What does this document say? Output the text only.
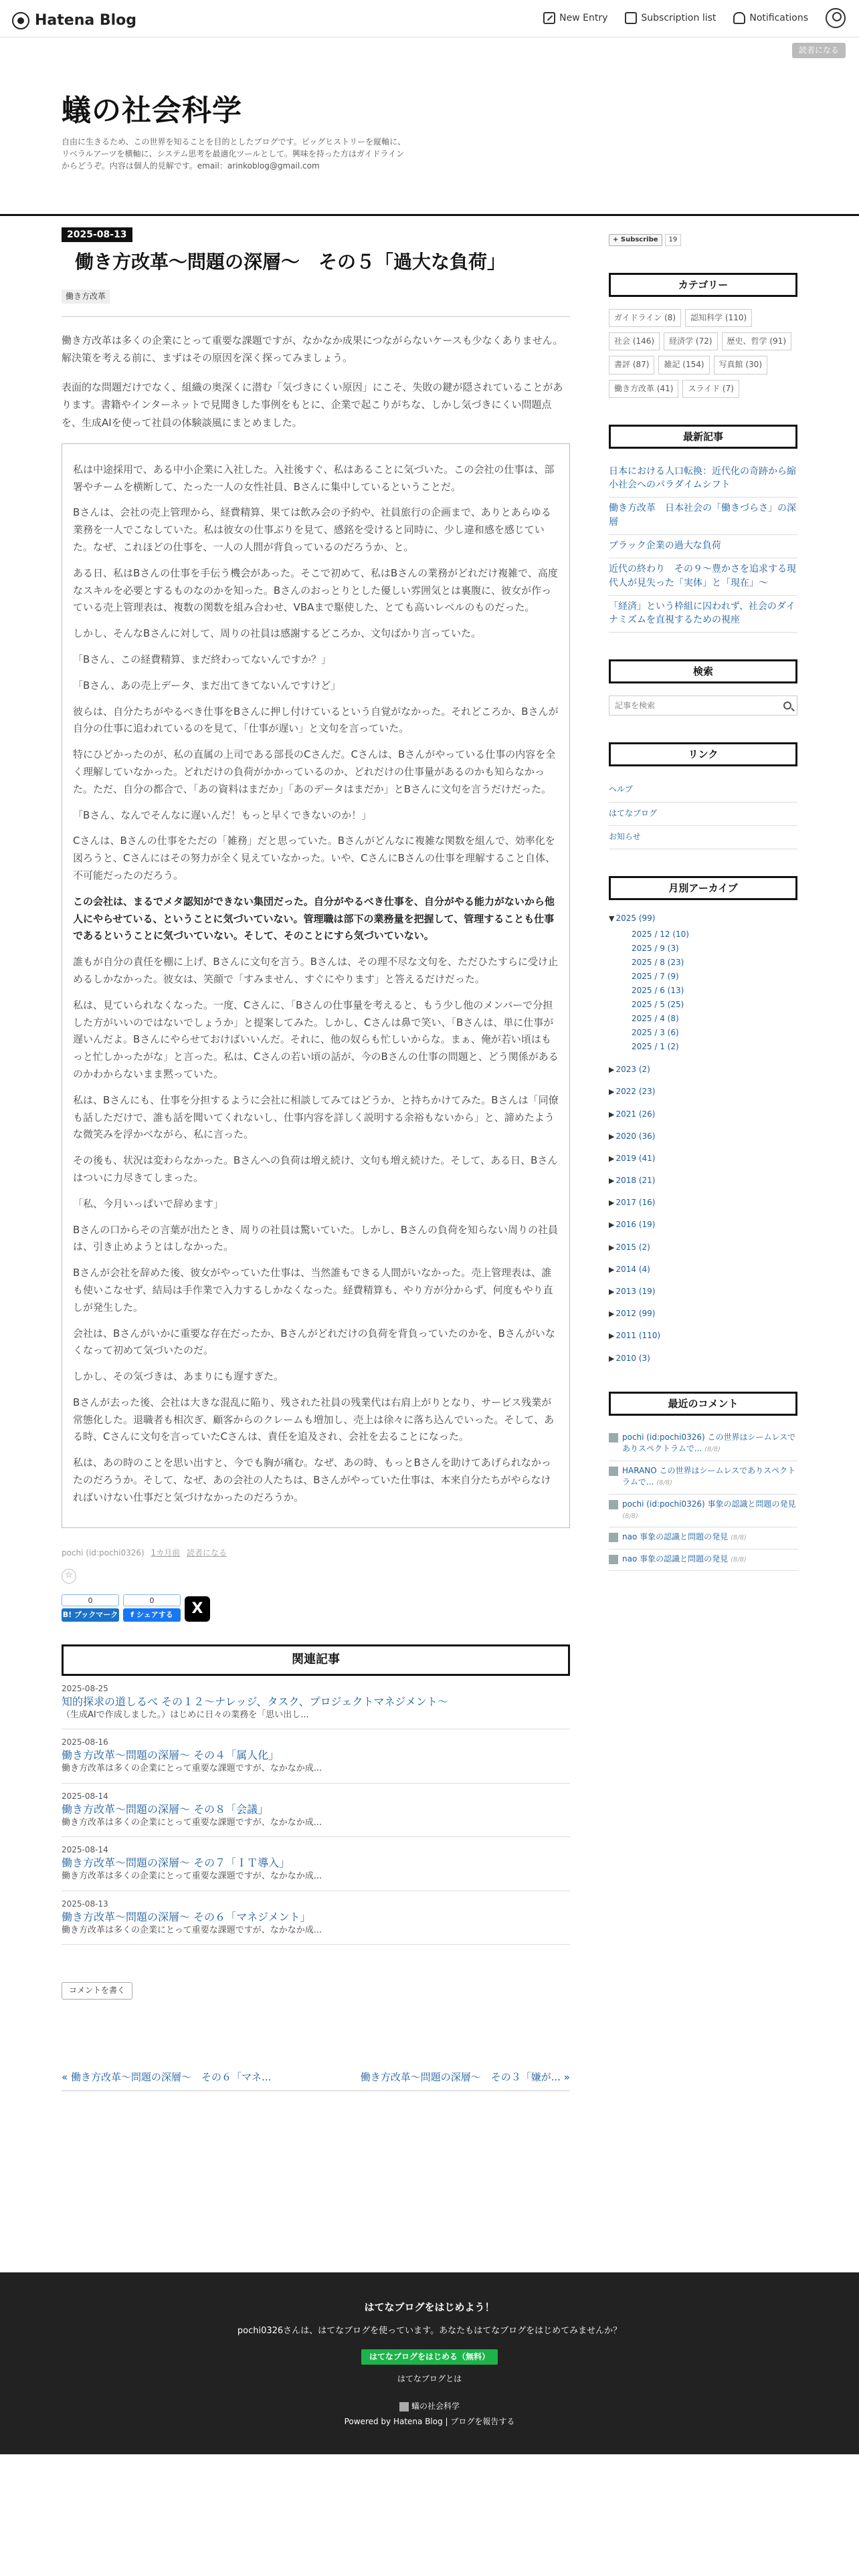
Hatena Blog	New Entry	Subscription list	Notifications
読者になる
蟻の社会科学
自由に生きるため、この世界を知ることを目的としたブログです。ビッグヒストリーを縦軸に、リベラルアーツを横軸に、システム思考を最適化ツールとして。興味を持った方はガイドラインからどうぞ。内容は個人的見解です。email：arinkoblog@gmail.com
2025-08-13
働き方改革〜問題の深層〜　その５「過大な負荷」
働き方改革

働き方改革は多くの企業にとって重要な課題ですが、なかなか成果につながらないケースも少なくありません。解決策を考える前に、まずはその原因を深く探ってみましょう。

表面的な問題だけでなく、組織の奥深くに潜む「気づきにくい原因」にこそ、失敗の鍵が隠されていることがあります。書籍やインターネットで見聞きした事例をもとに、企業で起こりがちな、しかし気づきにくい問題点を、生成AIを使って社員の体験談風にまとめました。

私は中途採用で、ある中小企業に入社した。入社後すぐ、私はあることに気づいた。この会社の仕事は、部署やチームを横断して、たった一人の女性社員、Bさんに集中しているということだ。

Bさんは、会社の売上管理から、経費精算、果ては飲み会の予約や、社員旅行の企画まで、ありとあらゆる業務を一人でこなしていた。私は彼女の仕事ぶりを見て、感銘を受けると同時に、少し違和感を感じていた。なぜ、これほどの仕事を、一人の人間が背負っているのだろうか、と。

ある日、私はBさんの仕事を手伝う機会があった。そこで初めて、私はBさんの業務がどれだけ複雑で、高度なスキルを必要とするものなのかを知った。Bさんのおっとりとした優しい雰囲気とは裏腹に、彼女が作っている売上管理表は、複数の関数を組み合わせ、VBAまで駆使した、とても高いレベルのものだった。

しかし、そんなBさんに対して、周りの社員は感謝するどころか、文句ばかり言っていた。

「Bさん、この経費精算、まだ終わってないんですか？」

「Bさん、あの売上データ、まだ出てきてないんですけど」

彼らは、自分たちがやるべき仕事をBさんに押し付けているという自覚がなかった。それどころか、Bさんが自分の仕事に追われているのを見て、「仕事が遅い」と文句を言っていた。

特にひどかったのが、私の直属の上司である部長のCさんだ。Cさんは、Bさんがやっている仕事の内容を全く理解していなかった。どれだけの負荷がかかっているのか、どれだけの仕事量があるのかも知らなかった。ただ、自分の都合で、「あの資料はまだか」「あのデータはまだか」とBさんに文句を言うだけだった。

「Bさん、なんでそんなに遅いんだ！もっと早くできないのか！」

Cさんは、Bさんの仕事をただの「雑務」だと思っていた。Bさんがどんなに複雑な関数を組んで、効率化を図ろうと、Cさんにはその努力が全く見えていなかった。いや、CさんにBさんの仕事を理解すること自体、不可能だったのだろう。

この会社は、まるでメタ認知ができない集団だった。自分がやるべき仕事を、自分がやる能力がないから他人にやらせている、ということに気づいていない。管理職は部下の業務量を把握して、管理することも仕事であるということに気づいていない。そして、そのことにすら気づいていない。

誰もが自分の責任を棚に上げ、Bさんに文句を言う。Bさんは、その理不尽な文句を、ただひたすらに受け止めるしかなかった。彼女は、笑顔で「すみません、すぐにやります」と答えるだけだった。

私は、見ていられなくなった。一度、Cさんに、「Bさんの仕事量を考えると、もう少し他のメンバーで分担した方がいいのではないでしょうか」と提案してみた。しかし、Cさんは鼻で笑い、「Bさんは、単に仕事が遅いんだよ。Bさんにやらせておけばいいんだ。それに、他の奴らも忙しいからな。まぁ、俺が若い頃はもっと忙しかったがな」と言った。私は、Cさんの若い頃の話が、今のBさんの仕事の問題と、どう関係があるのかわからないまま黙っていた。

私は、Bさんにも、仕事を分担するように会社に相談してみてはどうか、と持ちかけてみた。Bさんは「同僚も話しただけで、誰も話を聞いてくれないし、仕事内容を詳しく説明する余裕もないから」と、諦めたような微笑みを浮かべながら、私に言った。

その後も、状況は変わらなかった。Bさんへの負荷は増え続け、文句も増え続けた。そして、ある日、Bさんはついに力尽きてしまった。

「私、今月いっぱいで辞めます」

Bさんの口からその言葉が出たとき、周りの社員は驚いていた。しかし、Bさんの負荷を知らない周りの社員は、引き止めようとはしなかった。

Bさんが会社を辞めた後、彼女がやっていた仕事は、当然誰もできる人間がいなかった。売上管理表は、誰も使いこなせず、結局は手作業で入力するしかなくなった。経費精算も、やり方が分からず、何度もやり直しが発生した。

会社は、Bさんがいかに重要な存在だったか、Bさんがどれだけの負荷を背負っていたのかを、Bさんがいなくなって初めて気づいたのだ。

しかし、その気づきは、あまりにも遅すぎた。

Bさんが去った後、会社は大きな混乱に陥り、残された社員の残業代は右肩上がりとなり、サービス残業が常態化した。退職者も相次ぎ、顧客からのクレームも増加し、売上は徐々に落ち込んでいった。そして、ある時、Cさんに文句を言っていたCさんは、責任を追及され、会社を去ることになった。

私は、あの時のことを思い出すと、今でも胸が痛む。なぜ、あの時、もっとBさんを助けてあげられなかったのだろうか。そして、なぜ、あの会社の人たちは、Bさんがやっていた仕事は、本来自分たちがやらなければいけない仕事だと気づけなかったのだろうか。

pochi (id:pochi0326) 1カ月前 読者になる
☆
0
B! ブックマーク
0
f シェアする	X
関連記事
2025-08-25
知的探求の道しるべ その１２〜ナレッジ、タスク、プロジェクトマネジメント〜
（生成AIで作成しました。）はじめに日々の業務を「思い出し...
2025-08-16
働き方改革〜問題の深層〜 その４「属人化」
働き方改革は多くの企業にとって重要な課題ですが、なかなか成...
2025-08-14
働き方改革〜問題の深層〜 その８「会議」
働き方改革は多くの企業にとって重要な課題ですが、なかなか成...
2025-08-14
働き方改革〜問題の深層〜 その７「ＩＴ導入」
働き方改革は多くの企業にとって重要な課題ですが、なかなか成...
2025-08-13
働き方改革〜問題の深層〜 その６「マネジメント」
働き方改革は多くの企業にとって重要な課題ですが、なかなか成...
コメントを書く
« 働き方改革〜問題の深層〜　その６「マネ...	働き方改革〜問題の深層〜　その３「嫌が... »
+ Subscribe	19
カテゴリー
ガイドライン (8)	認知科学 (110)
社会 (146)	経済学 (72)	歴史、哲学 (91)
書評 (87)	雑記 (154)	写真館 (30)
働き方改革 (41)	スライド (7)
最新記事
日本における人口転換：近代化の奇跡から縮小社会へのパラダイムシフト
働き方改革　日本社会の「働きづらさ」の深層
ブラック企業の過大な負荷
近代の終わり　その９〜豊かさを追求する現代人が見失った「実体」と「現在」〜
「経済」という枠組に囚われず、社会のダイナミズムを直視するための視座
検索
記事を検索
リンク
ヘルプ
はてなブログ
お知らせ
月別アーカイブ
▼ 2025 (99)
2025 / 12 (10)
2025 / 9 (3)
2025 / 8 (23)
2025 / 7 (9)
2025 / 6 (13)
2025 / 5 (25)
2025 / 4 (8)
2025 / 3 (6)
2025 / 1 (2)
▶ 2023 (2)
▶ 2022 (23)
▶ 2021 (26)
▶ 2020 (36)
▶ 2019 (41)
▶ 2018 (21)
▶ 2017 (16)
▶ 2016 (19)
▶ 2015 (2)
▶ 2014 (4)
▶ 2013 (19)
▶ 2012 (99)
▶ 2011 (110)
▶ 2010 (3)
最近のコメント
pochi (id:pochi0326) この世界はシームレスでありスペクトラムで... (8/8)
HARANO この世界はシームレスでありスペクトラムで... (8/8)
pochi (id:pochi0326) 事象の認識と問題の発見 (8/8)
nao 事象の認識と問題の発見 (8/8)
nao 事象の認識と問題の発見 (8/8)
はてなブログをはじめよう！
pochi0326さんは、はてなブログを使っています。あなたもはてなブログをはじめてみませんか？
はてなブログをはじめる（無料）
はてなブログとは
蟻の社会科学
Powered by Hatena Blog | ブログを報告する
